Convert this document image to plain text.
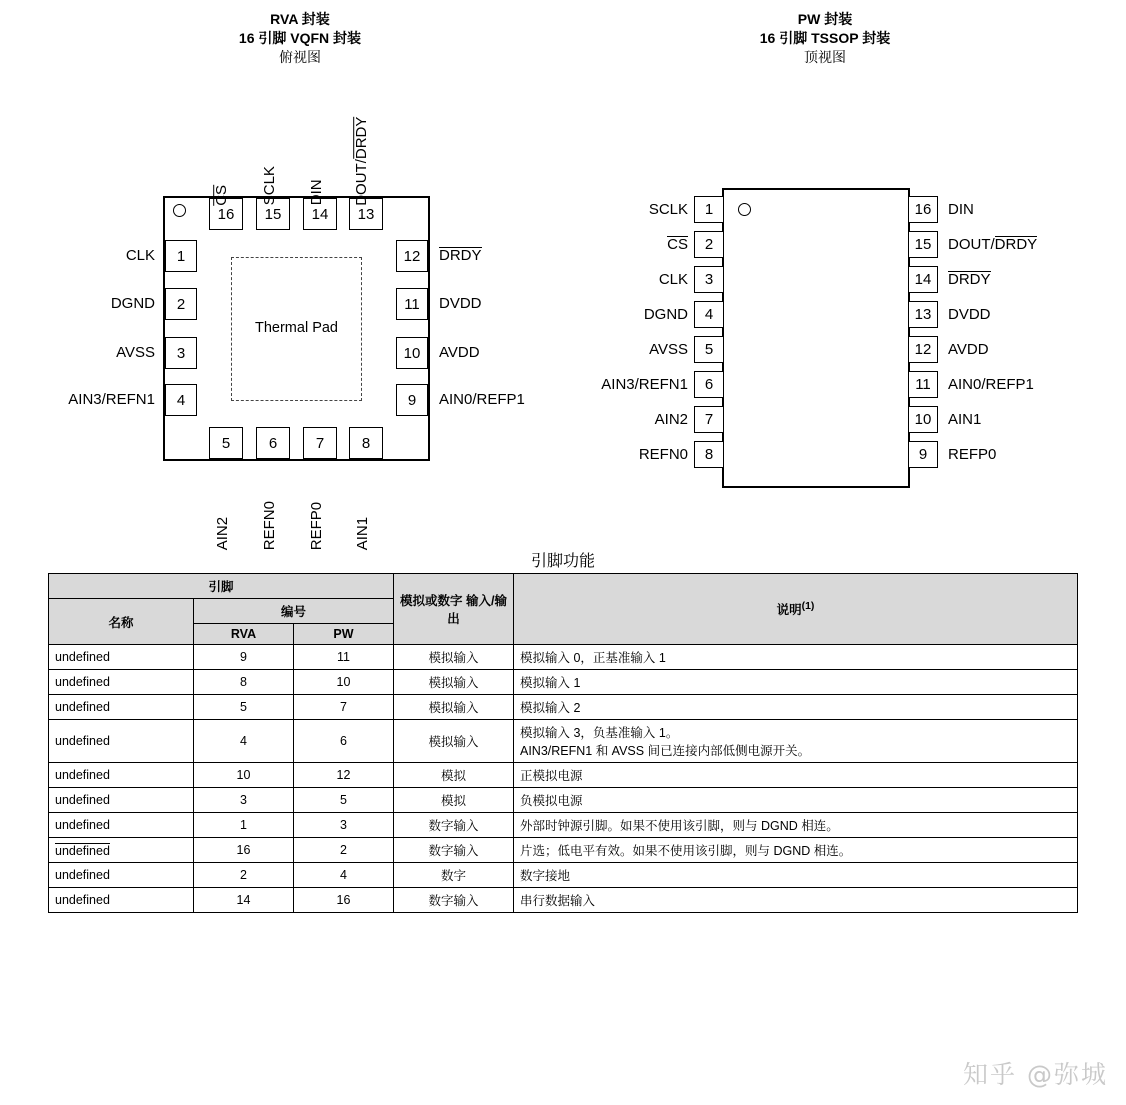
RVA 封装
16 引脚 VQFN 封装
俯视图
PW 封装
16 引脚 TSSOP 封装
顶视图
Thermal Pad
1
CLK
2
DGND
3
AVSS
4
AIN3/REFN1	9	AIN0/REFP1
10	AVDD
11	DVDD
12	DRDY
13
DOUT/DRDY
14
DIN
15
SCLK
16
CS
5
AIN2
6
REFN0
7
REFP0
8
AIN1
1
SCLK
2
CS
3
CLK
4
DGND
5
AVSS
6
AIN3/REFN1
7
AIN2
8
REFN0
16	DIN
15	DOUT/DRDY
14	DRDY
13	DVDD
12	AVDD
11	AIN0/REFP1
10	AIN1
9	REFP0
引脚功能
引脚			模拟或数字 输入/输出	说明$^{(1)}$
名称	编号			
	RVA	PW		
undefined	9	11	模拟输入	模拟输入 0，正基准输入 1

undefined	8	10	模拟输入	模拟输入 1

undefined	5	7	模拟输入	模拟输入 2

undefined	4	6	模拟输入	模拟输入 3，负基准输入 1。
AIN3/REFN1 和 AVSS 间已连接内部低侧电源开关。

undefined	10	12	模拟	正模拟电源

undefined	3	5	模拟	负模拟电源

undefined	1	3	数字输入	外部时钟源引脚。如果不使用该引脚，则与 DGND 相连。

undefined	16	2	数字输入	片选；低电平有效。如果不使用该引脚，则与 DGND 相连。

undefined	2	4	数字	数字接地

undefined	14	16	数字输入	串行数据输入
知乎 @弥城
